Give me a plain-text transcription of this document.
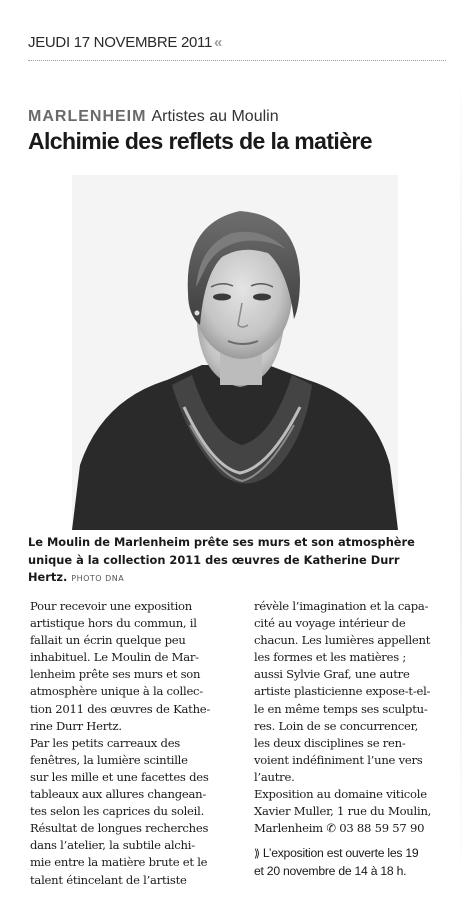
JEUDI 17 NOVEMBRE 2011 «
MARLENHEIM Artistes au Moulin
Alchimie des reflets de la matière

Le Moulin de Marlenheim prête ses murs et son atmosphère
unique à la collection 2011 des œuvres de Katherine Durr
Hertz. PHOTO DNA

Pour recevoir une exposition
artistique hors du commun, il
fallait un écrin quelque peu
inhabituel. Le Moulin de Mar-
lenheim prête ses murs et son
atmosphère unique à la collec-
tion 2011 des œuvres de Kathe-
rine Durr Hertz.

Par les petits carreaux des
fenêtres, la lumière scintille
sur les mille et une facettes des
tableaux aux allures changean-
tes selon les caprices du soleil.
Résultat de longues recherches
dans l’atelier, la subtile alchi-
mie entre la matière brute et le
talent étincelant de l’artiste

révèle l’imagination et la capa-
cité au voyage intérieur de
chacun. Les lumières appellent
les formes et les matières ;
aussi Sylvie Graf, une autre
artiste plasticienne expose-t-el-
le en même temps ses sculptu-
res. Loin de se concurrencer,
les deux disciplines se ren-
voient indéfiniment l’une vers
l’autre.

Exposition au domaine viticole
Xavier Muller, 1 rue du Moulin,
Marlenheim ✆ 03 88 59 57 90

⟫ L’exposition est ouverte les 19
et 20 novembre de 14 à 18 h.
